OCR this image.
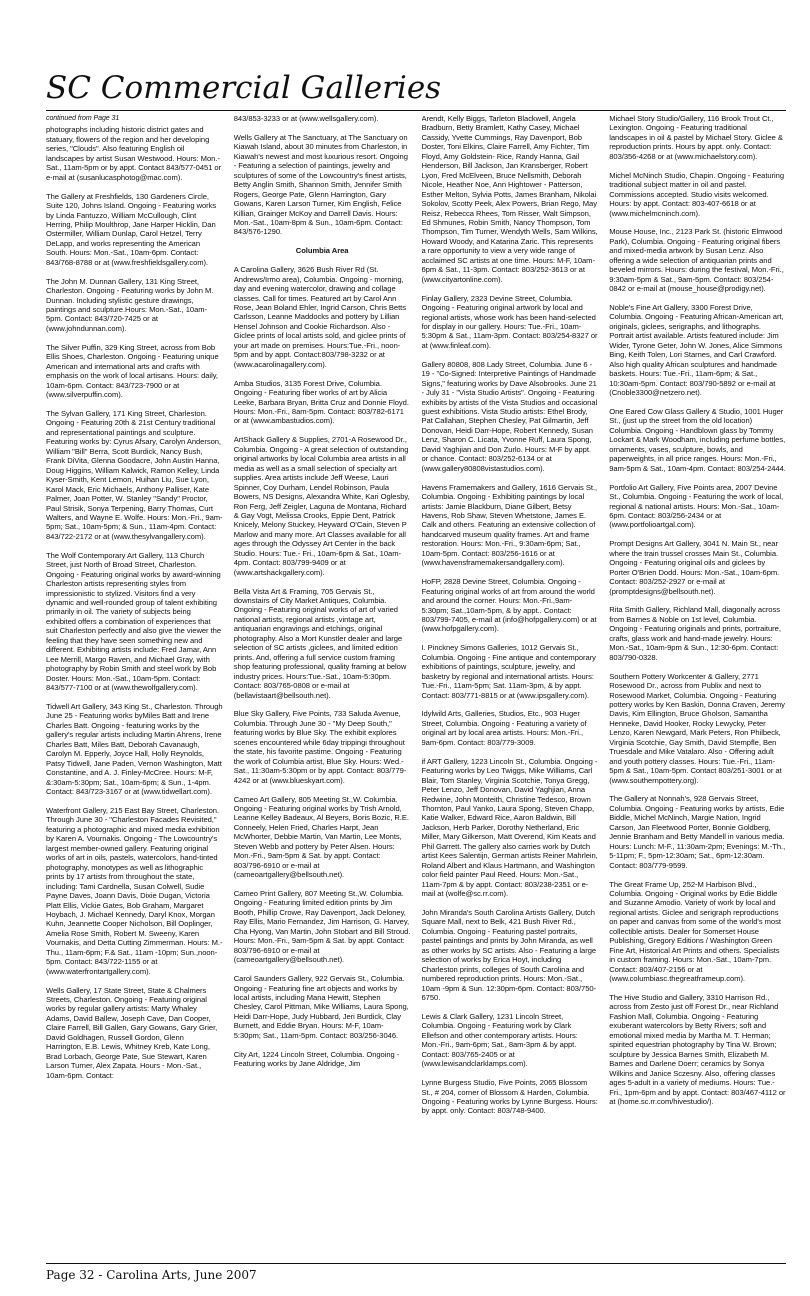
SC Commercial Galleries
continued from Page 31

photographs including historic district gates and statuary, flowers of the region and her developing series, "Clouds". Also featuring English oil landscapes by artist Susan Westwood. Hours: Mon.-Sat., 11am-5pm or by appt. Contact 843/577-0451 or e-mail at (susanlucasphotog@mac.com).

The Gallery at Freshfields, 130 Gardeners Circle, Suite 120, Johns Island. Ongoing - Featuring works by Linda Fantuzzo, William McCullough, Clint Herring, Philip Moulthrop, Jane Harper Hicklin, Dan Ostermiller, William Dunlap, Carol Hetzel, Terry DeLapp, and works representing the American South. Hours: Mon.-Sat., 10am-6pm. Contact: 843/768-8788 or at (www.freshfieldsgallery.com).

The John M. Dunnan Gallery, 131 King Street, Charleston. Ongoing - Featuring works by John M. Dunnan. Including stylistic gesture drawings, paintings and sculpture.Hours: Mon.-Sat., 10am-5pm. Contact: 843/720-7425 or at (www.johndunnan.com).

The Silver Puffin, 329 King Street, across from Bob Ellis Shoes, Charleston. Ongoing - Featuring unique American and international arts and crafts with emphasis on the work of local artisans. Hours: daily, 10am-6pm. Contact: 843/723-7900 or at (www.silverpuffin.com).

The Sylvan Gallery, 171 King Street, Charleston. Ongoing - Featuring 20th & 21st Century traditional and representational paintings and sculpture. Featuring works by: Cyrus Afsary, Carolyn Anderson, William "Bill" Berra, Scott Burdick, Nancy Bush, Frank DiVita, Glenna Goodacre, John Austin Hanna, Doug Higgins, William Kalwick, Ramon Kelley, Linda Kyser-Smith, Kent Lemon, Huihan Liu, Sue Lyon, Karol Mack, Eric Michaels, Anthony Palliser, Kate Palmer, Joan Potter, W. Stanley "Sandy" Proctor, Paul Strisik, Sonya Terpening, Barry Thomas, Curt Walters, and Wayne E. Wolfe. Hours: Mon.-Fri., 9am-5pm; Sat., 10am-5pm; & Sun., 11am-4pm. Contact: 843/722-2172 or at (www.thesylvangallery.com).

The Wolf Contemporary Art Gallery, 113 Church Street, just North of Broad Street, Charleston. Ongoing - Featuring original works by award-winning Charleston artists representing styles from impressionistic to stylized. Visitors find a very dynamic and well-rounded group of talent exhibiting primarily in oil. The variety of subjects being exhibited offers a combination of experiences that suit Charleston perfectly and also give the viewer the feeling that they have seen something new and different. Exhibiting artists include: Fred Jamar, Ann Lee Merrill, Margo Raven, and Michael Gray, with photography by Robin Smith and steel work by Bob Doster. Hours: Mon.-Sat., 10am-5pm. Contact: 843/577-7100 or at (www.thewolfgallery.com).

Tidwell Art Gallery, 343 King St., Charleston. Through June 25 - Featuring works byMiles Batt and Irene Charles Batt. Ongoing - featuring works by the gallery's regular artists including Martin Ahrens, Irene Charles Batt, Miles Batt, Deborah Cavanaugh, Carolyn M. Epperly, Joyce Hall, Holly Reynolds, Patsy Tidwell, Jane Paden, Vernon Washington, Matt Constantine, and A. J. Finley-McCree. Hours: M-F, &:30am-5:30pm; Sat., 10am-6pm; & Sun., 1-4pm. Contact: 843/723-3167 or at (www.tidwellart.com).

Waterfront Gallery, 215 East Bay Street, Charleston. Through June 30 - "Charleston Facades Revisited," featuring a photographic and mixed media exhibition by Karen A. Vournakis. Ongoing - The Lowcountry's largest member-owned gallery. Featuring original works of art in oils, pastels, watercolors, hand-tinted photography, monotypes as well as lithographic prints by 17 artists from throughout the state, including: Tami Cardnella, Susan Colwell, Sudie Payne Daves, Joann Davis, Dixie Dugan, Victoria Platt Ellis, Vickie Gates, Bob Graham, Margaret Hoybach, J. Michael Kennedy, Daryl Knox, Morgan Kuhn, Jeannette Cooper Nicholson, Bill Ooplinger, Amelia Rose Smith, Robert M. Sweeny, Karen Vournakis, and Detta Cutting Zimmerman. Hours: M.-Thu., 11am-6pm; F.& Sat., 11am -10pm; Sun.,noon-5pm. Contact: 843/722-1155 or at (www.waterfrontartgallery.com).

Wells Gallery, 17 State Street, State & Chalmers Streets, Charleston. Ongoing - Featuring original works by regular gallery artists: Marty Whaley Adams, David Ballew, Joseph Cave, Dan Cooper, Claire Farrell, Bill Gallen, Gary Gowans, Gary Grier, David Goldhagen, Russell Gordon, Glenn Harrington, E.B. Lewis, Whitney Kreb, Kate Long, Brad Lorbach, George Pate, Sue Stewart, Karen Larson Turner, Alex Zapata. Hours - Mon.-Sat., 10am-6pm. Contact:

843/853-3233 or at (www.wellsgallery.com).

Wells Gallery at The Sanctuary, at The Sanctuary on Kiawah Island, about 30 minutes from Charleston, in Kiawah's newest and most luxurious resort. Ongoing - Featuring a selection of paintings, jewelry and sculptures of some of the Lowcountry's finest artists, Betty Anglin Smith, Shannon Smith, Jennifer Smith Rogers, George Pate, Glenn Harrington, Gary Gowans, Karen Larson Turner, Kim English, Felice Killian, Grainger McKoy and Darrell Davis. Hours: Mon.-Sat., 10am-8pm & Sun., 10am-6pm. Contact: 843/576-1290.

Columbia Area

A Carolina Gallery, 3626 Bush River Rd (St. Andrews/Irmo area), Columbia. Ongoing - morning, day and evening watercolor, drawing and collage classes. Call for times. Featured art by Carol Ann Rose, Jean Boland Ehler, Ingrid Carson, Chris Betts Carlsson, Leanne Maddocks and pottery by Lillian Hensel Johnson and Cookie Richardson. Also - Giclee prints of local artists sold, and giclee prints of your art made on premises. Hours:Tue.-Fri., noon-5pm and by appt. Contact:803/798-3232 or at (www.acarolinagallery.com).

Amba Studios, 3135 Forest Drive, Columbia. Ongoing - Featuring fiber works of art by Alicia Leeke, Barbara Bryan, Britta Cruz and Donnie Floyd. Hours: Mon.-Fri., 8am-5pm. Contact: 803/782-6171 or at (www.ambastudios.com).

ArtShack Gallery & Supplies, 2701-A Rosewood Dr., Columbia. Ongoing - A great selection of outstanding original artworks by local Columbia area artists in all media as well as a small selection of specialty art supplies. Area artists include Jeff Weese, Lauri Spinner, Coy Durham, Lendel Robinson, Paula Bowers, NS Designs, Alexandra White, Kari Oglesby, Ron Ferg, Jeff Zeigler, Laguna de Montana, Richard & Gay Vogt, Melissa Crooks, Eppie Dent, Patrick Knicely, Melony Stuckey, Heyward O'Cain, Steven P Marlow and many more. Art Classes available for all ages through the Odyssey Art Center in the back Studio. Hours: Tue.- Fri., 10am-6pm & Sat., 10am-4pm. Contact: 803/799-9409 or at (www.artshackgallery.com).

Bella Vista Art & Framing, 705 Gervais St., downstairs of City Market Antiques, Columbia. Ongoing - Featuring original works of art of varied national artists, regional artists ,vintage art, antiquarian engravings and etchings, original photography. Also a Mort Kunstler dealer and large selection of SC artists ,giclees, and limited edition prints. And, offering a full service custom framing shop featuring professional, quality framing at below industry prices. Hours:Tue.-Sat., 10am-5:30pm. Contact: 803/765-0808 or e-mail at (bellavistaart@bellsouth.net).

Blue Sky Gallery, Five Points, 733 Saluda Avenue, Columbia. Through June 30 - "My Deep South," featuring works by Blue Sky. The exhibit explores scenes encountered while 6day trippingi throughout the state, his favorite pastime. Ongoing - Featuring the work of Columbia artist, Blue Sky. Hours: Wed.-Sat., 11:30am-5:30pm or by appt. Contact: 803/779-4242 or at (www.blueskyart.com).

Cameo Art Gallery, 805 Meeting St.,W. Columbia. Ongoing - Featuring original works by Trish Arnold, Leanne Kelley Badeaux, Al Beyers, Boris Bozic, R.E. Conneely, Helen Fried, Charles Harpt, Jean McWhorter, Debbie Martin, Van Martin, Lee Monts, Steven Webb and pottery by Peter Alsen. Hours: Mon.-Fri., 9am-5pm & Sat. by appt. Contact: 803/796-6910 or e-mail at (cameoartgallery@bellsouth.net).

Cameo Print Gallery, 807 Meeting St.,W. Columbia. Ongoing - Featuring limited edition prints by Jim Booth, Phillip Crowe, Ray Davenport, Jack Deloney, Ray Ellis, Mario Fernandez, Jim Harrison, G. Harvey, Cha Hyong, Van Martin, John Stobart and Bill Stroud. Hours: Mon.-Fri., 9am-5pm & Sat. by appt. Contact: 803/796-6910 or e-mail at (cameoartgallery@bellsouth.net).

Carol Saunders Gallery, 922 Gervais St., Columbia. Ongoing - Featuring fine art objects and works by local artists, including Mana Hewitt, Stephen Chesley, Carol Pittman, Mike Williams, Laura Spong, Heidi Darr-Hope, Judy Hubbard, Jeri Burdick, Clay Burnett, and Eddie Bryan. Hours: M-F, 10am-5:30pm; Sat., 11am-5pm. Contact: 803/256-3046.

City Art, 1224 Lincoln Street, Columbia. Ongoing - Featuring works by Jane Aldridge, Jim

Arendt, Kelly Biggs, Tarleton Blackwell, Angela Bradburn, Betty Bramlett, Kathy Casey, Michael Cassidy, Yvette Cummings, Ray Davenport, Bob Doster, Toni Elkins, Claire Farrell, Amy Fichter, Tim Floyd, Amy Goldstein- Rice, Randy Hanna, Gail Henderson, Bill Jackson, Jan Kransberger, Robert Lyon, Fred McElveen, Bruce Nellsmith, Deborah Nicole, Heather Noe, Ann Hightower - Patterson, Esther Melton, Sylvia Potts, James Branham, Nikolai Sokolov, Scotty Peek, Alex Powers, Brian Rego, May Reisz, Rebecca Rhees, Tom Risser, Walt Simpson, Ed Shmunes, Robin Smith, Nancy Thompson, Tom Thompson, Tim Turner, Wendyth Wells, Sam Wilkins, Howard Woody, and Katarina Zaric. This represents a rare opportunity to view a very wide range of acclaimed SC artists at one time. Hours: M-F, 10am-6pm & Sat., 11-3pm. Contact: 803/252-3613 or at (www.cityartonline.com).

Finlay Gallery, 2323 Devine Street, Columbia. Ongoing - Featuring original artwork by local and regional artists, whose work has been hand-selected for display in our gallery. Hours: Tue.-Fri., 10am-5:30pm & Sat., 11am-3pm. Contact: 803/254-8327 or at (www.finleaf.com).

Gallery 80808, 808 Lady Street, Columbia. June 6 - 19 - "Co-Signed: Interpretive Paintings of Handmade Signs," featuring works by Dave Alsobrooks. June 21 - July 31 - "Vista Studio Artists". Ongoing - Featuring exhibits by artists of the Vista Studios and occasional guest exhibitions. Vista Studio artists: Ethel Brody, Pat Callahan, Stephen Chesley, Pat Gilmartin, Jeff Donovan, Heidi Darr-Hope, Robert Kennedy, Susan Lenz, Sharon C. Licata, Yvonne Ruff, Laura Spong, David Yaghjian and Don Zurlo. Hours: M-F by appt. or chance. Contact: 803/252-6134 or at (www.gallery80808vistastudios.com).

Havens Framemakers and Gallery, 1616 Gervais St., Columbia. Ongoing - Exhibiting paintings by local artists: Jamie Blackburn, Diane Gilbert, Betsy Havens, Rob Shaw, Steven Whetstone, James E. Calk and others. Featuring an extensive collection of handcarved museum quality frames. Art and frame restoration. Hours: Mon.-Fri., 9:30am-6pm; Sat., 10am-5pm. Contact: 803/256-1616 or at (www.havensframemakersandgallery.com).

HoFP, 2828 Devine Street, Columbia. Ongoing - Featuring original works of art from around the world and around the corner. Hours: Mon.-Fri.,9am-5:30pm; Sat.,10am-5pm, & by appt.. Contact: 803/799-7405, e-mail at (info@hofpgallery.com) or at (www.hofpgallery.com).

I. Pinckney Simons Galleries, 1012 Gervais St., Columbia. Ongoing - Fine antique and contemporary exhibitions of paintings, sculpture, jewelry, and basketry by regional and international artists. Hours: Tue.-Fri., 11am-5pm; Sat. 11am-3pm, & by appt. Contact: 803/771-8815 or at (www.ipsgallery.com).

Idylwild Arts, Galleries, Studios, Etc., 903 Huger Street, Columbia. Ongoing - Featuring a variety of original art by local area artists. Hours: Mon.-Fri., 9am-6pm. Contact: 803/779-3009.

if ART Gallery, 1223 Lincoln St., Columbia. Ongoing - Featuring works by Leo Twiggs, Mike Williams, Carl Blair, Tom Stanley, Virginia Scotchie, Tonya Gregg, Peter Lenzo, Jeff Donovan, David Yaghjian, Anna Redwine, John Monteith, Christine Tedesco, Brown Thornton, Paul Yanko, Laura Spong, Steven Chapp, Katie Walker, Edward Rice, Aaron Baldwin, Bill Jackson, Herb Parker, Dorothy Netherland, Eric Miller, Mary Gilkerson, Matt Overend, Kim Keats and Phil Garrett. The gallery also carries work by Dutch artist Kees Salentijn, German artists Reiner Mahrlein, Roland Albert and Klaus Hartmann, and Washington color field painter Paul Reed. Hours: Mon.-Sat., 11am-7pm & by appt. Contact: 803/238-2351 or e-mail at (wolfe@sc.rr.com).

John Miranda's South Carolina Artists Gallery, Dutch Square Mall, next to Belk, 421 Bush River Rd., Columbia. Ongoing - Featuring pastel portraits, pastel paintings and prints by John Miranda, as well as other works by SC artists. Also - Featuring a large selection of works by Erica Hoyt, including Charleston prints, colleges of South Carolina and numbered reproduction prints. Hours: Mon.-Sat., 10am -9pm & Sun. 12:30pm-6pm. Contact: 803/750-6750.

Lewis & Clark Gallery, 1231 Lincoln Street, Columbia. Ongoing - Featuring work by Clark Ellefson and other contemporary artists. Hours: Mon.-Fri., 9am-6pm; Sat., 8am-3pm & by appt. Contact: 803/765-2405 or at (www.lewisandclarklamps.com).

Lynne Burgess Studio, Five Points, 2065 Blossom St., # 204, corner of Blossom & Harden, Columbia. Ongoing - Featuring works by Lynne Burgess. Hours: by appt. only. Contact: 803/748-9400.

Michael Story Studio/Gallery, 116 Brook Trout Ct., Lexington. Ongoing - Featuring traditional landscapes in oil & pastel by Michael Story. Giclee & reproduction prints. Hours by appt. only. Contact: 803/356-4268 or at (www.michaelstory.com).

Michel McNinch Studio, Chapin. Ongoing - Featuring traditional subject matter in oil and pastel. Commissions accepted. Studio visits welcomed. Hours: by appt. Contact: 803-407-6618 or at (www.michelmcninch.com).

Mouse House, Inc., 2123 Park St. (historic Elmwood Park), Columbia. Ongoing - Featuring original fibers and mixed-media artwork by Susan Lenz. Also offering a wide selection of antiquarian prints and beveled mirrors. Hours: during the festival, Mon.-Fri., 9:30am-5pm & Sat., 9am-5pm. Contact: 803/254-0842 or e-mail at (mouse_house@prodigy.net).

Noble's Fine Art Gallery, 3300 Forest Drive, Columbia. Ongoing - Featuring African-American art, originals, giclees, serigraphs, and lithographs. Portrait artist available. Artists featured include: Jim Wider, Tyrone Geter, John W. Jones, Alice Simmons Bing, Keith Tolen, Lori Starnes, and Carl Crawford. Also high quality African sculptures and handmade baskets. Hours: Tue.-Fri., 11am-6pm; & Sat., 10:30am-5pm. Contact: 803/790-5892 or e-mail at (Cnoble3300@netzero.net).

One Eared Cow Glass Gallery & Studio, 1001 Huger St., (just up the street from the old location) Columbia. Ongoing - Handblown glass by Tommy Lockart & Mark Woodham, including perfume bottles, ornaments, vases, sculpture, bowls, and paperweights, in all price ranges. Hours: Mon.-Fri., 9am-5pm & Sat., 10am-4pm. Contact: 803/254-2444.

Portfolio Art Gallery, Five Points area, 2007 Devine St., Columbia. Ongoing - Featuring the work of local, regional & national artists. Hours: Mon.-Sat., 10am-6pm. Contact: 803/256-2434 or at (www.portfolioartgal.com).

Prompt Designs Art Gallery, 3041 N. Main St., near where the train trussel crosses Main St., Columbia. Ongoing - Featuring original oils and giclees by Porter O'Brien Dodd. Hours: Mon.-Sat., 10am-6pm. Contact: 803/252-2927 or e-mail at (promptdesigns@bellsouth.net).

Rita Smith Gallery, Richland Mall, diagonally across from Barnes & Noble on 1st level, Columbia. Ongoing - Featuring originals and prints, portraiture, crafts, glass work and hand-made jewelry. Hours: Mon.-Sat., 10am-9pm & Sun., 12:30-6pm. Contact: 803/790-0328.

Southern Pottery Workcenter & Gallery, 2771 Rosewood Dr., across from Publix and next to Rosewood Market, Columbia. Ongoing - Featuring pottery works by Ken Baskin, Donna Craven, Jeremy Davis, Kim Ellington, Bruce Gholson, Samantha Henneke, David Hooker, Rocky Lewycky, Peter Lenzo, Karen Newgard, Mark Peters, Ron Philbeck, Virginia Scotchie, Gay Smith, David Stempfle, Ben Truesdale and Mike Vatalaro. Also - Offering adult and youth pottery classes. Hours: Tue.-Fri., 11am-5pm & Sat., 10am-5pm. Contact 803/251-3001 or at (www.southernpottery.org).

The Gallery at Nonnah's, 928 Gervais Street, Columbia. Ongoing - Featuring works by artists, Edie Biddle, Michel McNinch, Margie Nation, Ingrid Carson, Jan Fleetwood Porter, Bonnie Goldberg, Jennie Branham and Betty Mandell in various media. Hours: Lunch: M-F., 11:30am-2pm; Evenings: M.-Th., 5-11pm; F., 5pm-12:30am; Sat., 6pm-12:30am. Contact: 803/779-9599.

The Great Frame Up, 252-M Harbison Blvd., Columbia. Ongoing - Original works by Edie Biddle and Suzanne Amodio. Variety of work by local and regional artists. Giclee and serigraph reproductions on paper and canvas from some of the world's most collectible artists. Dealer for Somerset House Publishing, Gregory Editions / Washington Green Fine Art, Historical Art Prints and others. Specialists in custom framing. Hours: Mon.-Sat., 10am-7pm. Contact: 803/407-2156 or at (www.columbiasc.thegreatframeup.com).

The Hive Studio and Gallery, 3310 Harrison Rd., across from Zesto just off Forest Dr., near Richland Fashion Mall, Columbia. Ongoing - Featuring exuberant watercolors by Betty Rivers; soft and emotional mixed media by Martha M. T. Herman; spirited equestrian photography by Tina W. Brown; sculpture by Jessica Barnes Smith, Elizabeth M. Barnes and Darlene Doerr; ceramics by Sonya Wilkins and Janice Sczesny. Also, offering classes ages 5-adult in a variety of mediums. Hours: Tue.-Fri., 1pm-6pm and by appt. Contact: 803/467-4112 or at (home.sc.rr.com/hivestudio/).

Page 32 - Carolina Arts, June 2007
